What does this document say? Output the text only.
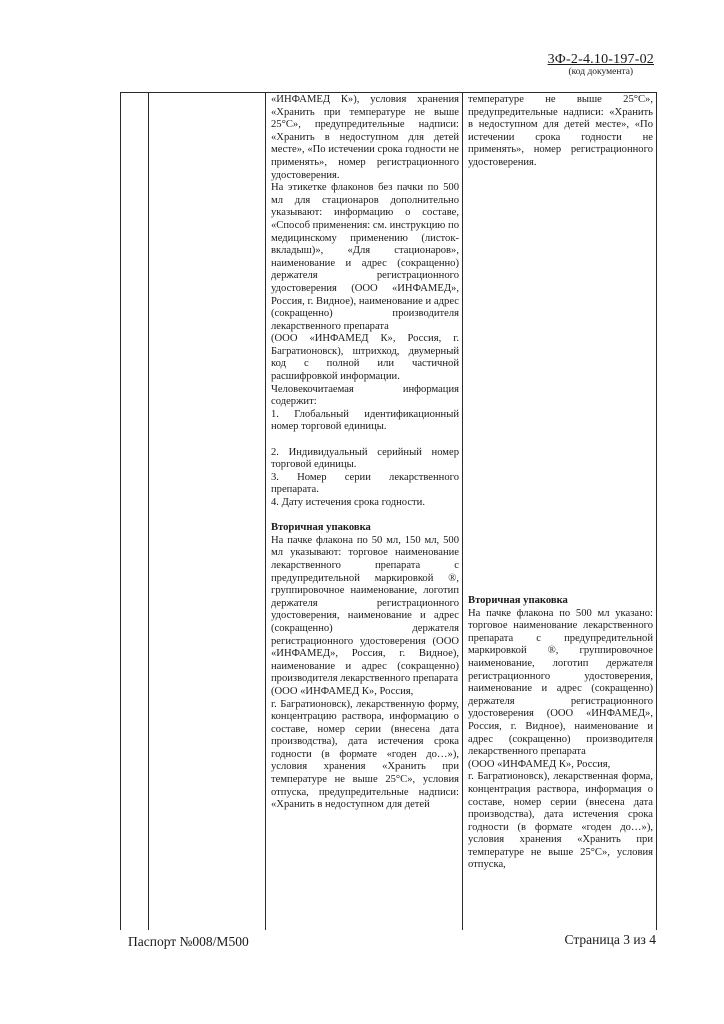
3Ф-2-4.10-197-02
(код документа)

«ИНФАМЕД К»), условия хранения «Хранить при температуре не выше 25°С», предупредительные надписи: «Хранить в недоступном для детей месте», «По истечении срока годности не применять», номер регистрационного удостоверения.

На этикетке флаконов без пачки по 500 мл для стационаров дополнительно указывают: информацию о составе, «Способ применения: см. инструкцию по медицинскому применению (листок-вкладыш)», «Для стационаров», наименование и адрес (сокращенно) держателя регистрационного удостоверения (ООО «ИНФАМЕД», Россия, г. Видное), наименование и адрес (сокращенно) производителя лекарственного препарата

(ООО «ИНФАМЕД К», Россия, г. Багратионовск), штрихкод, двумерный код с полной или частичной расшифровкой информации.

Человекочитаемая информация содержит:

1. Глобальный идентификационный номер торговой единицы.

2. Индивидуальный серийный номер торговой единицы.

3. Номер серии лекарственного препарата.

4. Дату истечения срока годности.

Вторичная упаковка

На пачке флакона по 50 мл, 150 мл, 500 мл указывают: торговое наименование лекарственного препарата с предупредительной маркировкой ®, группировочное наименование, логотип держателя регистрационного удостоверения, наименование и адрес (сокращенно) держателя регистрационного удостоверения (ООО «ИНФАМЕД», Россия, г. Видное), наименование и адрес (сокращенно) производителя лекарственного препарата

(ООО «ИНФАМЕД К», Россия,

г. Багратионовск), лекарственную форму, концентрацию раствора, информацию о составе, номер серии (внесена дата производства), дата истечения срока годности (в формате «годен до…»), условия хранения «Хранить при температуре не выше 25°С», условия отпуска, предупредительные надписи: «Хранить в недоступном для детей

температуре не выше 25°С», предупредительные надписи: «Хранить в недоступном для детей месте», «По истечении срока годности не применять», номер регистрационного удостоверения.

Вторичная упаковка

На пачке флакона по 500 мл указано: торговое наименование лекарственного препарата с предупредительной маркировкой ®, группировочное наименование, логотип держателя регистрационного удостоверения, наименование и адрес (сокращенно) держателя регистрационного удостоверения (ООО «ИНФАМЕД», Россия, г. Видное), наименование и адрес (сокращенно) производителя лекарственного препарата

(ООО «ИНФАМЕД К», Россия,

г. Багратионовск), лекарственная форма, концентрация раствора, информация о составе, номер серии (внесена дата производства), дата истечения срока годности (в формате «годен до…»), условия хранения «Хранить при температуре не выше 25°С», условия отпуска,

Паспорт №008/М500	Страница 3 из 4
